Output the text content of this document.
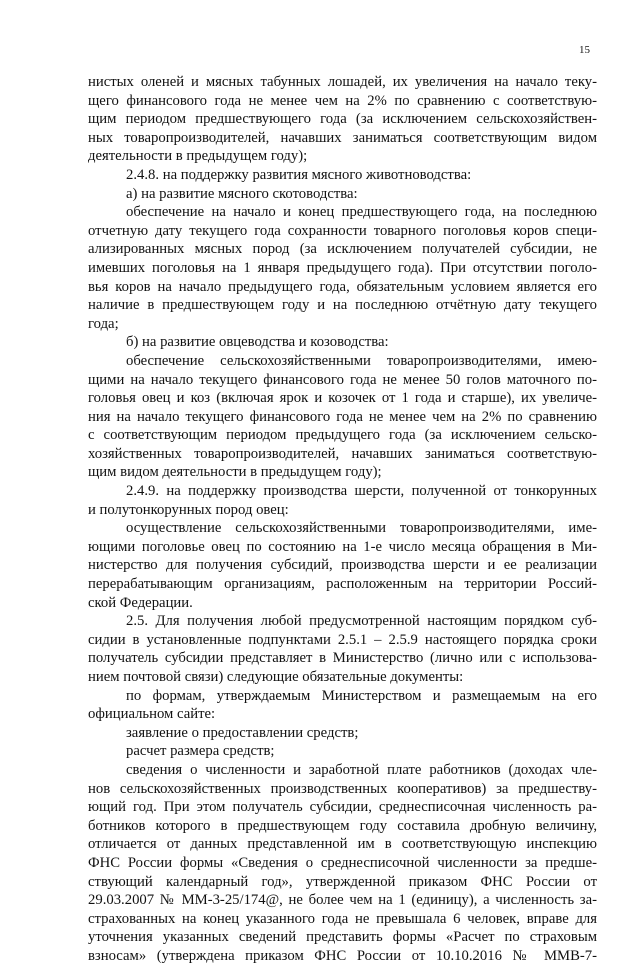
15
нистых оленей и мясных табунных лошадей, их увеличения на начало теку-
щего финансового года не менее чем на 2% по сравнению с соответствую-
щим периодом предшествующего года (за исключением сельскохозяйствен-
ных товаропроизводителей, начавших заниматься соответствующим видом
деятельности в предыдущем году);
2.4.8. на поддержку развития мясного животноводства:
а) на развитие мясного скотоводства:
обеспечение на начало и конец предшествующего года, на последнюю
отчетную дату текущего года сохранности товарного поголовья коров специ-
ализированных мясных пород (за исключением получателей субсидии, не
имевших поголовья на 1 января предыдущего года). При отсутствии поголо-
вья коров на начало предыдущего года, обязательным условием является его
наличие в предшествующем году и на последнюю отчётную дату текущего
года;
б) на развитие овцеводства и козоводства:
обеспечение сельскохозяйственными товаропроизводителями, имею-
щими на начало текущего финансового года не менее 50 голов маточного по-
головья овец и коз (включая ярок и козочек от 1 года и старше), их увеличе-
ния на начало текущего финансового года не менее чем на 2% по сравнению
с соответствующим периодом предыдущего года (за исключением сельско-
хозяйственных товаропроизводителей, начавших заниматься соответствую-
щим видом деятельности в предыдущем году);
2.4.9. на поддержку производства шерсти, полученной от тонкорунных
и полутонкорунных пород овец:
осуществление сельскохозяйственными товаропроизводителями, име-
ющими поголовье овец по состоянию на 1-е число месяца обращения в Ми-
нистерство для получения субсидий, производства шерсти и ее реализации
перерабатывающим организациям, расположенным на территории Россий-
ской Федерации.
2.5. Для получения любой предусмотренной настоящим порядком суб-
сидии в установленные подпунктами 2.5.1 – 2.5.9 настоящего порядка сроки
получатель субсидии представляет в Министерство (лично или с использова-
нием почтовой связи) следующие обязательные документы:
по формам, утверждаемым Министерством и размещаемым на его
официальном сайте:
заявление о предоставлении средств;
расчет размера средств;
сведения о численности и заработной плате работников (доходах чле-
нов сельскохозяйственных производственных кооперативов) за предшеству-
ющий год. При этом получатель субсидии, среднесписочная численность ра-
ботников которого в предшествующем году составила дробную величину,
отличается от данных представленной им в соответствующую инспекцию
ФНС России формы «Сведения о среднесписочной численности за предше-
ствующий календарный год», утвержденной приказом ФНС России от
29.03.2007 № ММ-3-25/174@, не более чем на 1 (единицу), а численность за-
страхованных на конец указанного года не превышала 6 человек, вправе для
уточнения указанных сведений представить формы «Расчет по страховым
взносам» (утверждена приказом ФНС России от 10.10.2016 № ММВ-7-
